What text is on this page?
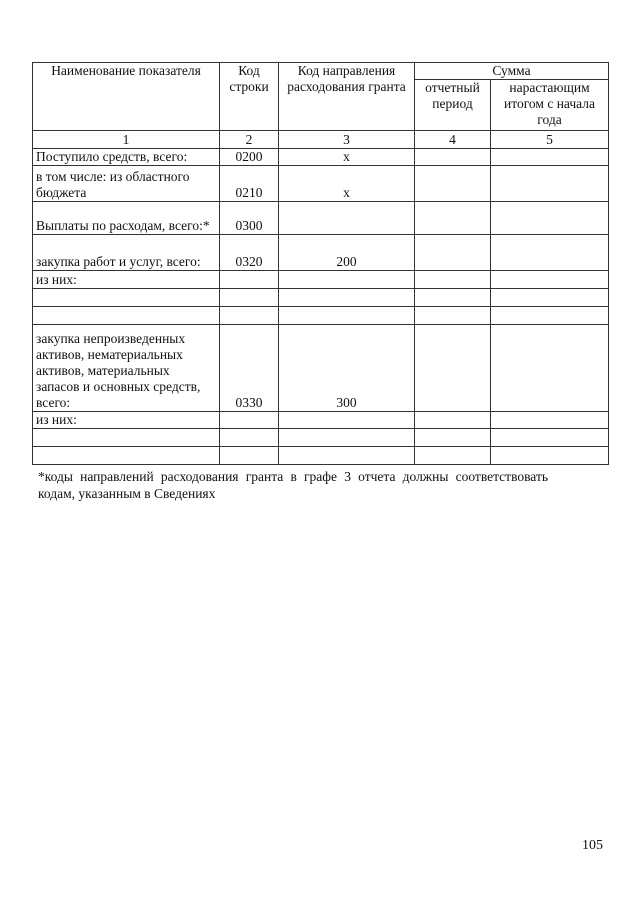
Наименование показателя	Код строки	Код направления расходования гранта	Сумма	
			отчетный период	нарастающим итогом с начала года
1	2	3	4	5
Поступило средств, всего:	0200	х		
в том числе: из областного бюджета	0210	х		
Выплаты по расходам, всего:*	0300			
закупка работ и услуг, всего:	0320	200		
из них:				

закупка непроизведенных активов, нематериальных активов, материальных запасов и основных средств, всего:	0330	300		
из них:				

*коды направлений расходования гранта в графе 3 отчета должны соответствовать кодам, указанным в Сведениях
105
